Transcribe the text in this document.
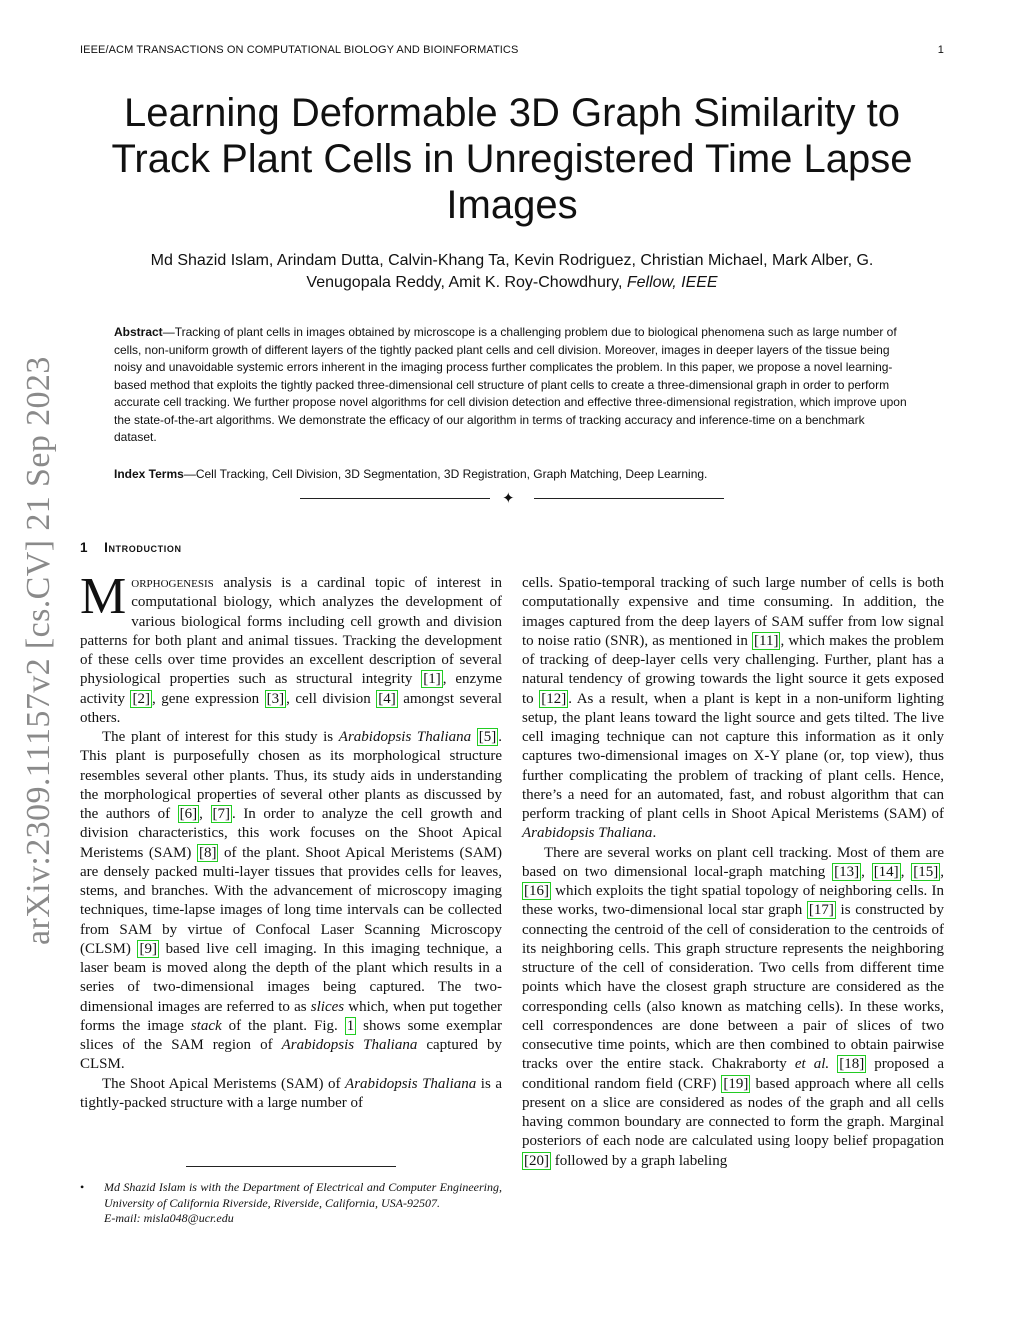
IEEE/ACM TRANSACTIONS ON COMPUTATIONAL BIOLOGY AND BIOINFORMATICS	1
arXiv:2309.11157v2 [cs.CV] 21 Sep 2023
Learning Deformable 3D Graph Similarity to Track Plant Cells in Unregistered Time Lapse Images
Md Shazid Islam, Arindam Dutta, Calvin-Khang Ta, Kevin Rodriguez, Christian Michael, Mark Alber, G. Venugopala Reddy, Amit K. Roy-Chowdhury, Fellow, IEEE
Abstract—Tracking of plant cells in images obtained by microscope is a challenging problem due to biological phenomena such as large number of cells, non-uniform growth of different layers of the tightly packed plant cells and cell division. Moreover, images in deeper layers of the tissue being noisy and unavoidable systemic errors inherent in the imaging process further complicates the problem. In this paper, we propose a novel learning-based method that exploits the tightly packed three-dimensional cell structure of plant cells to create a three-dimensional graph in order to perform accurate cell tracking. We further propose novel algorithms for cell division detection and effective three-dimensional registration, which improve upon the state-of-the-art algorithms. We demonstrate the efficacy of our algorithm in terms of tracking accuracy and inference-time on a benchmark dataset.
Index Terms—Cell Tracking, Cell Division, 3D Segmentation, 3D Registration, Graph Matching, Deep Learning.
✦
1 Introduction

Morphogenesis analysis is a cardinal topic of interest in computational biology, which analyzes the development of various biological forms including cell growth and division patterns for both plant and animal tissues. Tracking the development of these cells over time provides an excellent description of several physiological properties such as structural integrity [1] , enzyme activity [2] , gene expression [3] , cell division [4] amongst several others.

The plant of interest for this study is Arabidopsis Thaliana [5] . This plant is purposefully chosen as its morphological structure resembles several other plants. Thus, its study aids in understanding the morphological properties of several other plants as discussed by the authors of [6] , [7] . In order to analyze the cell growth and division characteristics, this work focuses on the Shoot Apical Meristems (SAM) [8] of the plant. Shoot Apical Meristems (SAM) are densely packed multi-layer tissues that provides cells for leaves, stems, and branches. With the advancement of microscopy imaging techniques, time-lapse images of long time intervals can be collected from SAM by virtue of Confocal Laser Scanning Microscopy (CLSM) [9] based live cell imaging. In this imaging technique, a laser beam is moved along the depth of the plant which results in a series of two-dimensional images being captured. The two-dimensional images are referred to as slices which, when put together forms the image stack of the plant. Fig. 1 shows some exemplar slices of the SAM region of Arabidopsis Thaliana captured by CLSM.

The Shoot Apical Meristems (SAM) of Arabidopsis Thaliana is a tightly-packed structure with a large number of

• Md Shazid Islam is with the Department of Electrical and Computer Engineering, University of California Riverside, Riverside, California, USA-92507.
E-mail: misla048@ucr.edu

cells. Spatio-temporal tracking of such large number of cells is both computationally expensive and time consuming. In addition, the images captured from the deep layers of SAM suffer from low signal to noise ratio (SNR), as mentioned in [11] , which makes the problem of tracking of deep-layer cells very challenging. Further, plant has a natural tendency of growing towards the light source it gets exposed to [12] . As a result, when a plant is kept in a non-uniform lighting setup, the plant leans toward the light source and gets tilted. The live cell imaging technique can not capture this information as it only captures two-dimensional images on X-Y plane (or, top view), thus further complicating the problem of tracking of plant cells. Hence, there’s a need for an automated, fast, and robust algorithm that can perform tracking of plant cells in Shoot Apical Meristems (SAM) of Arabidopsis Thaliana.

There are several works on plant cell tracking. Most of them are based on two dimensional local-graph matching [13] , [14] , [15] , [16] which exploits the tight spatial topology of neighboring cells. In these works, two-dimensional local star graph [17] is constructed by connecting the centroid of the cell of consideration to the centroids of its neighboring cells. This graph structure represents the neighboring structure of the cell of consideration. Two cells from different time points which have the closest graph structure are considered as the corresponding cells (also known as matching cells). In these works, cell correspondences are done between a pair of slices of two consecutive time points, which are then combined to obtain pairwise tracks over the entire stack. Chakraborty et al. [18] proposed a conditional random field (CRF) [19] based approach where all cells present on a slice are considered as nodes of the graph and all cells having common boundary are connected to form the graph. Marginal posteriors of each node are calculated using loopy belief propagation [20] followed by a graph labeling
